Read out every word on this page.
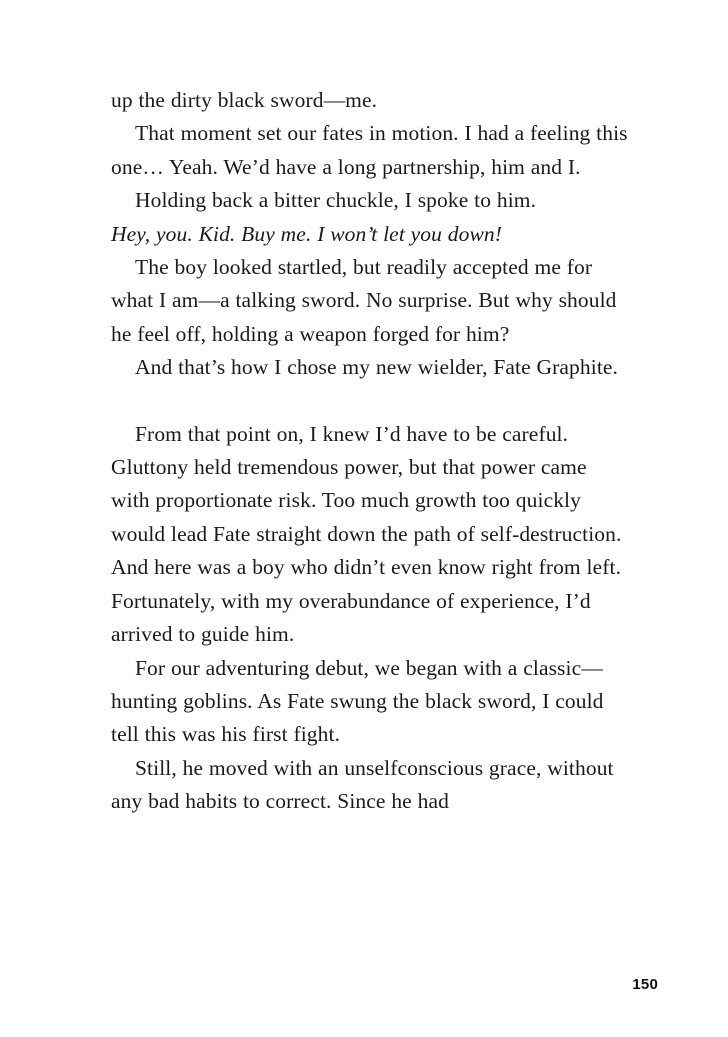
up the dirty black sword—me.

That moment set our fates in motion. I had a feeling this one… Yeah. We’d have a long partnership, him and I.

Holding back a bitter chuckle, I spoke to him.

Hey, you. Kid. Buy me. I won’t let you down!

The boy looked startled, but readily accepted me for what I am—a talking sword. No surprise. But why should he feel off, holding a weapon forged for him?

And that’s how I chose my new wielder, Fate Graphite.

From that point on, I knew I’d have to be careful. Gluttony held tremendous power, but that power came with proportionate risk. Too much growth too quickly would lead Fate straight down the path of self-destruction. And here was a boy who didn’t even know right from left. Fortunately, with my overabundance of experience, I’d arrived to guide him.

For our adventuring debut, we began with a classic—hunting goblins. As Fate swung the black sword, I could tell this was his first fight.

Still, he moved with an unselfconscious grace, without any bad habits to correct. Since he had

150
